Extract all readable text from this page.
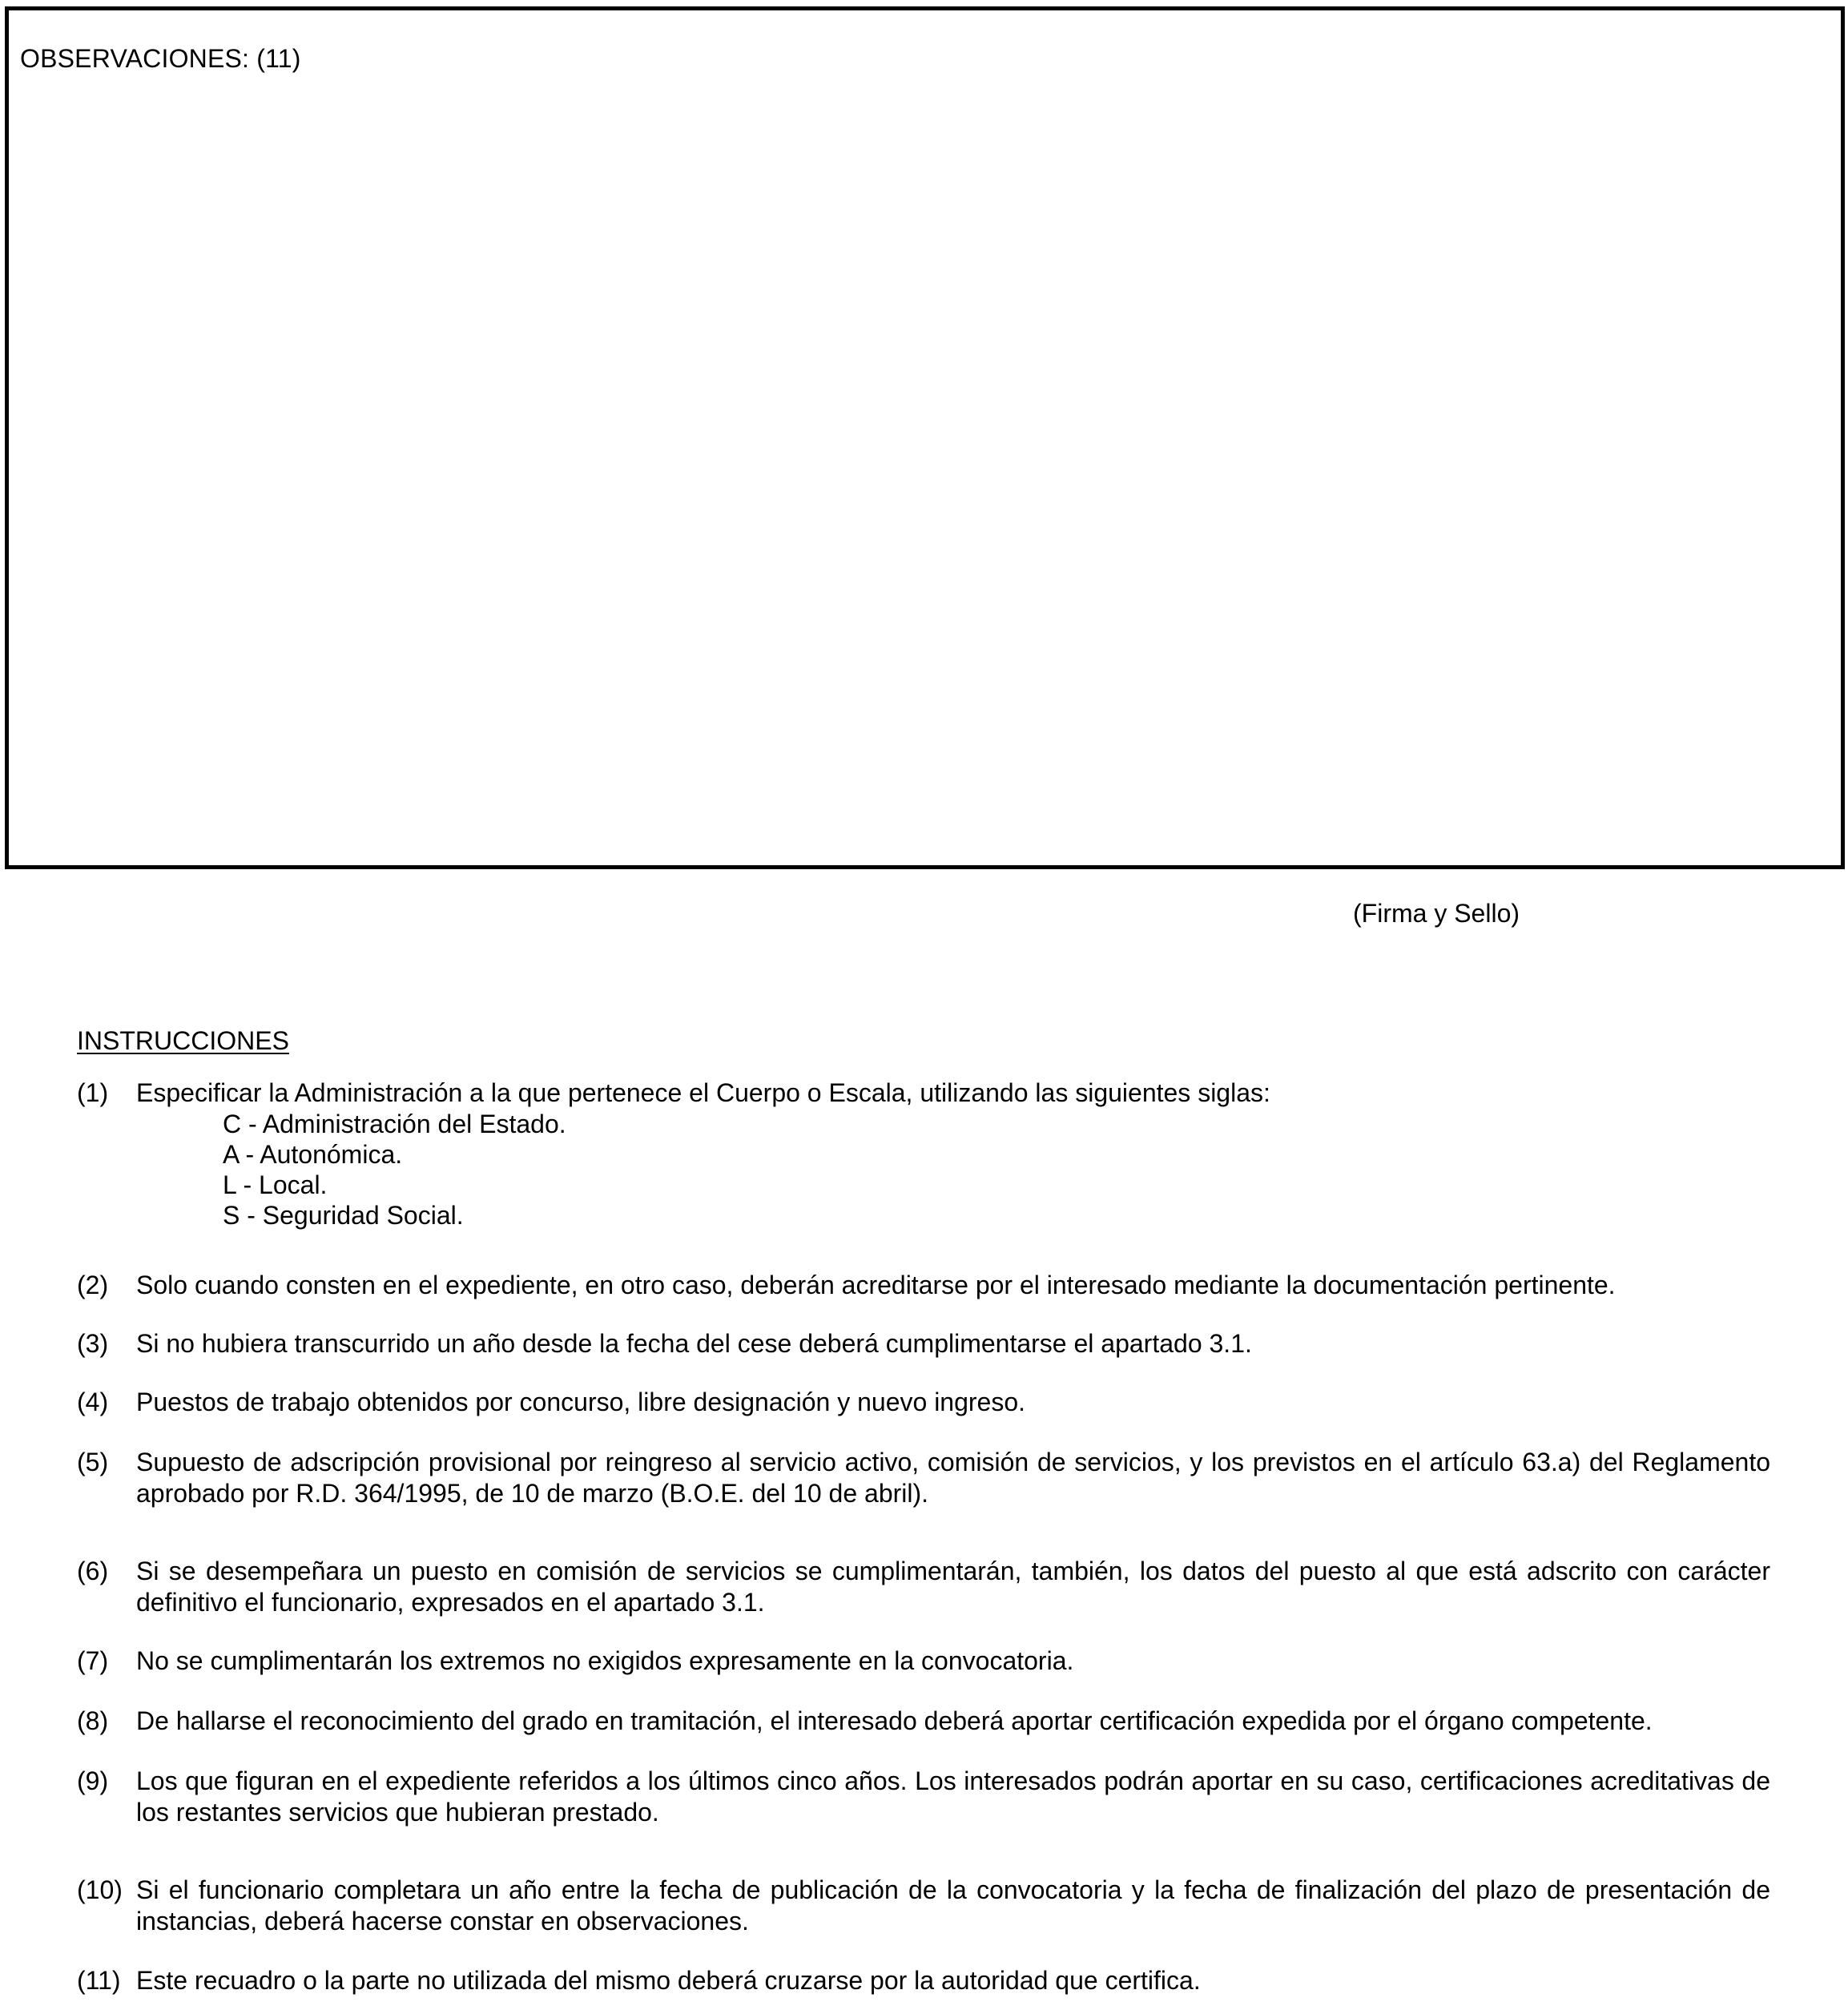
OBSERVACIONES: (11)
(Firma y Sello)
INSTRUCCIONES
(1) Especificar la Administración a la que pertenece el Cuerpo o Escala, utilizando las siguientes siglas:
C - Administración del Estado.
A - Autonómica.
L - Local.
S - Seguridad Social.
(2) Solo cuando consten en el expediente, en otro caso, deberán acreditarse por el interesado mediante la documentación pertinente.
(3) Si no hubiera transcurrido un año desde la fecha del cese deberá cumplimentarse el apartado 3.1.
(4) Puestos de trabajo obtenidos por concurso, libre designación y nuevo ingreso.
(5) Supuesto de adscripción provisional por reingreso al servicio activo, comisión de servicios, y los previstos en el artículo 63.a) del Reglamento aprobado por R.D. 364/1995, de 10 de marzo (B.O.E. del 10 de abril).
(6) Si se desempeñara un puesto en comisión de servicios se cumplimentarán, también, los datos del puesto al que está adscrito con carácter definitivo el funcionario, expresados en el apartado 3.1.
(7) No se cumplimentarán los extremos no exigidos expresamente en la convocatoria.
(8) De hallarse el reconocimiento del grado en tramitación, el interesado deberá aportar certificación expedida por el órgano competente.
(9) Los que figuran en el expediente referidos a los últimos cinco años. Los interesados podrán aportar en su caso, certificaciones acreditativas de los restantes servicios que hubieran prestado.
(10) Si el funcionario completara un año entre la fecha de publicación de la convocatoria y la fecha de finalización del plazo de presentación de instancias, deberá hacerse constar en observaciones.
(11) Este recuadro o la parte no utilizada del mismo deberá cruzarse por la autoridad que certifica.
